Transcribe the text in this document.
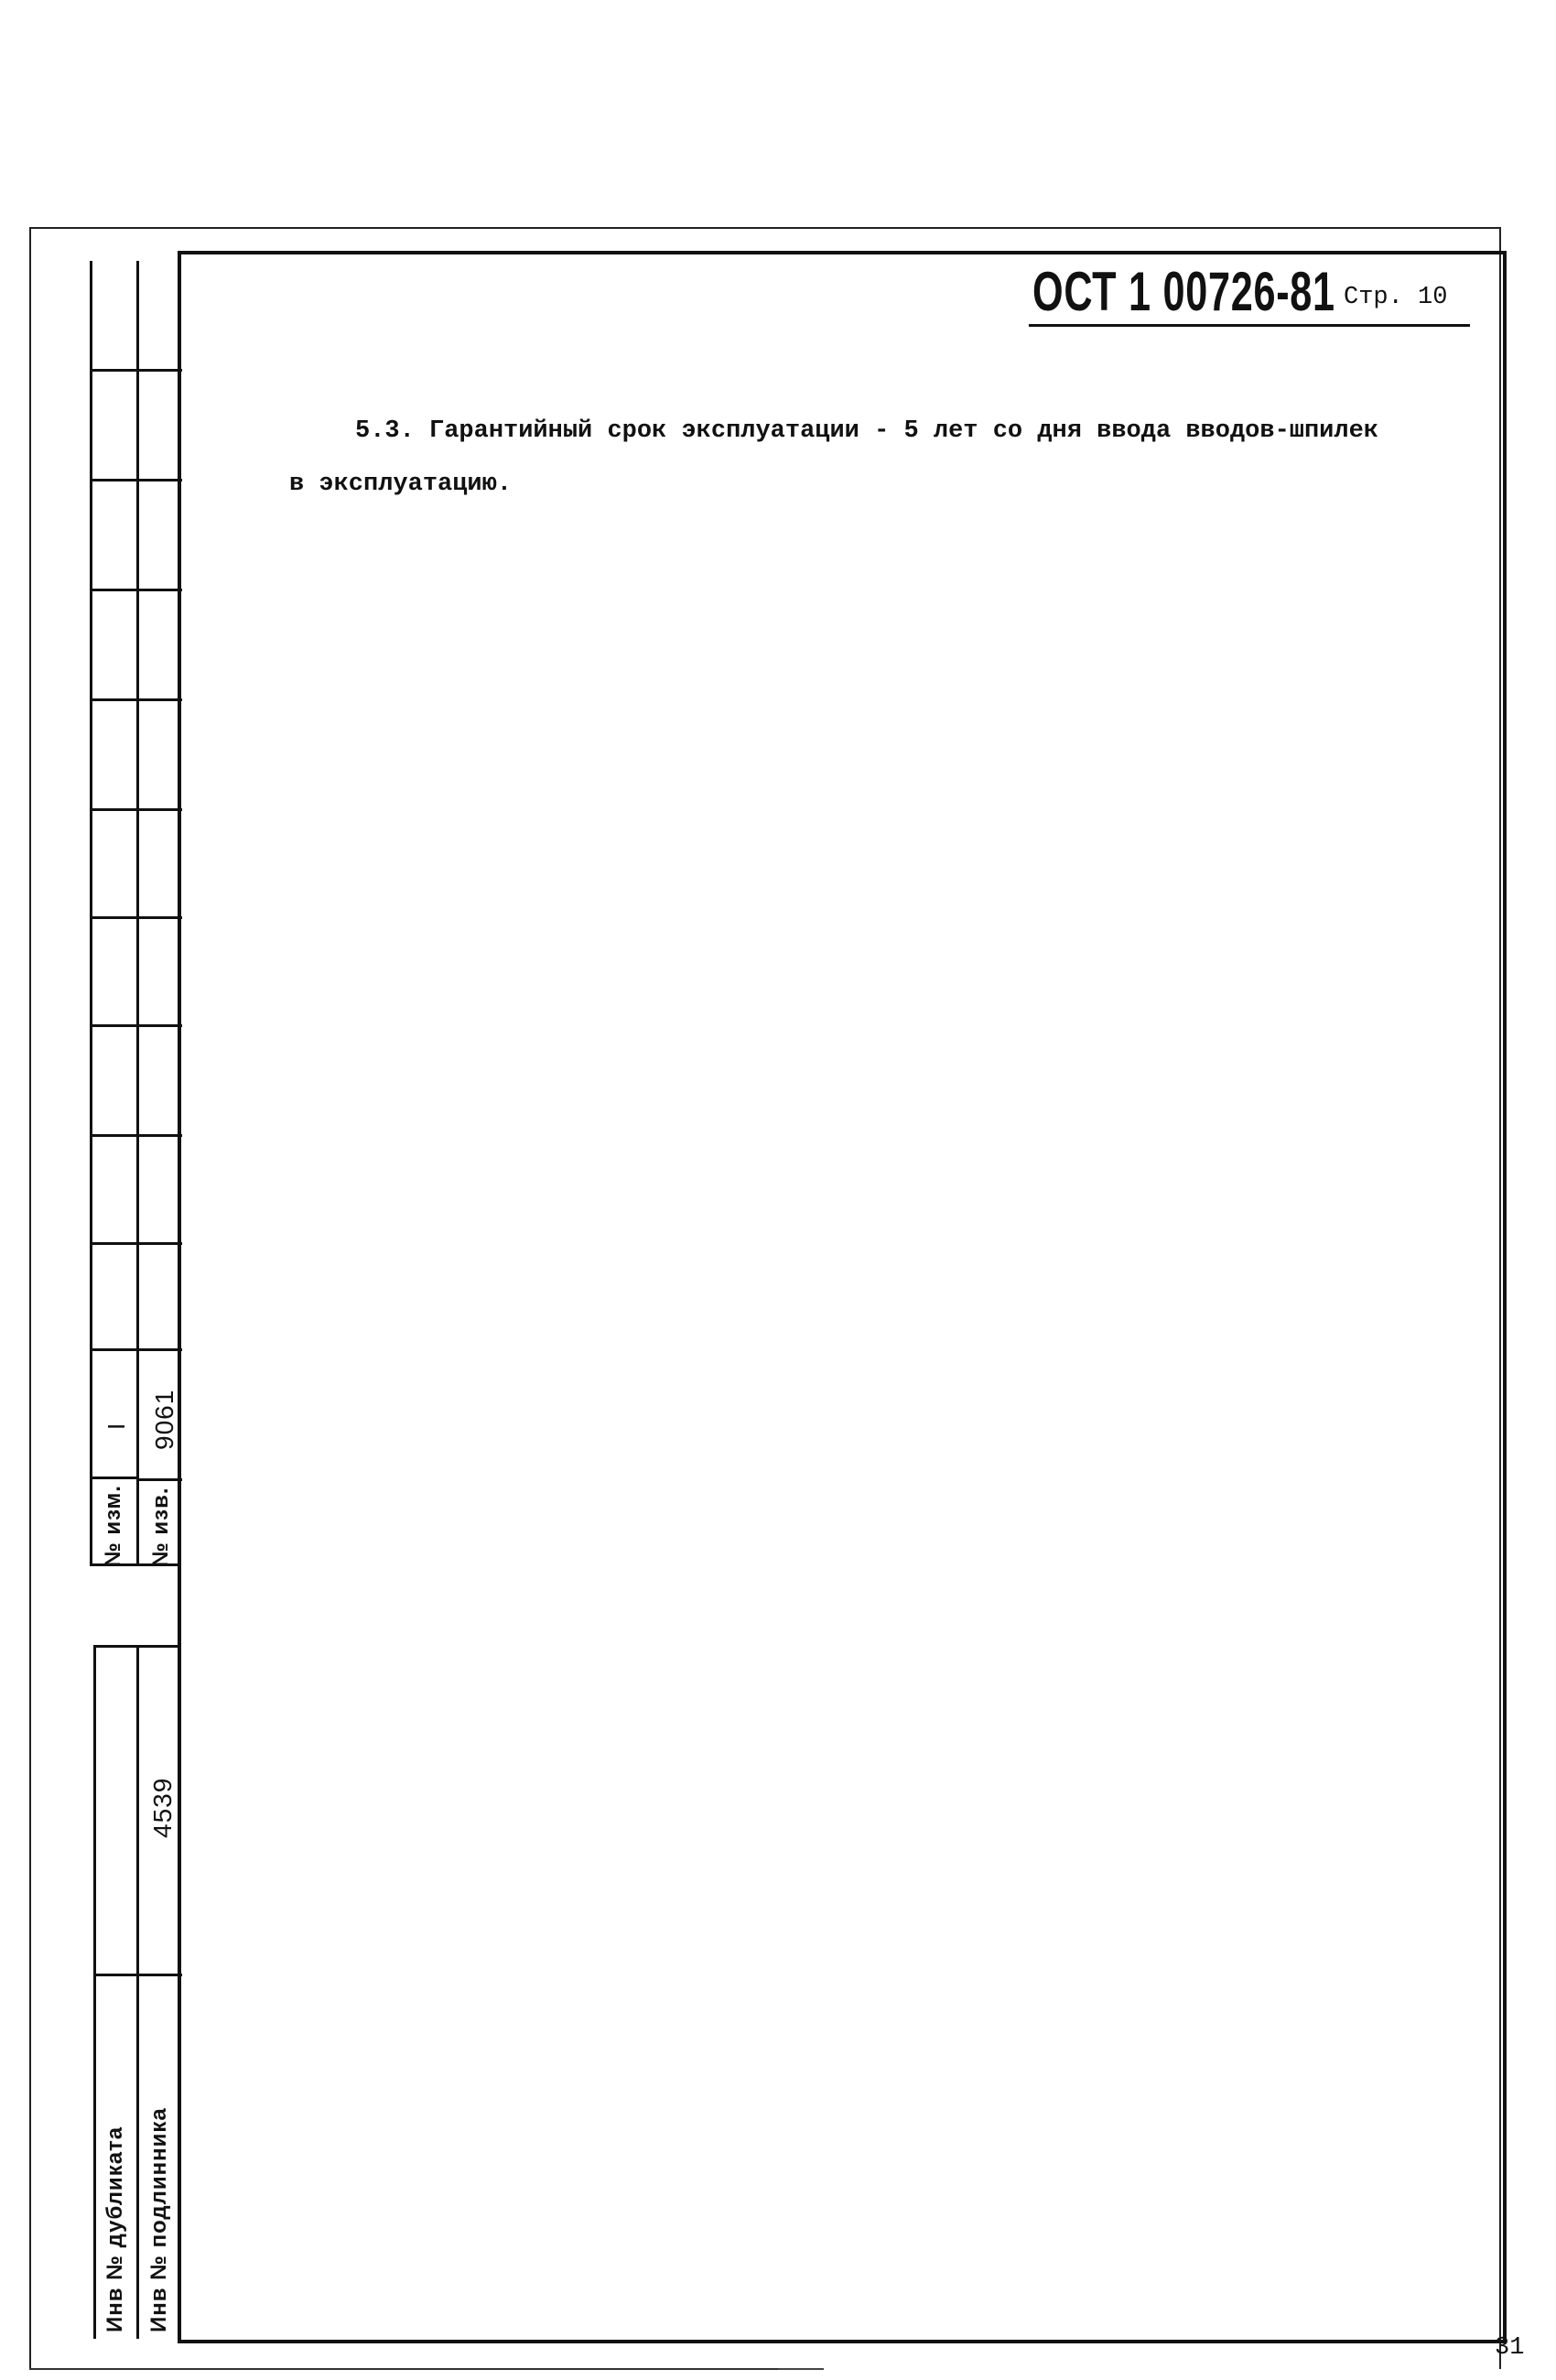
№ изм.
I
№ изв.
9061
Инв № дубликата Инв № подлинника
4539
ОСТ 1 00726-81 Стр. 10
5.3. Гарантийный срок эксплуатации - 5 лет со дня ввода вводов-шпилек
в эксплуатацию.
31
